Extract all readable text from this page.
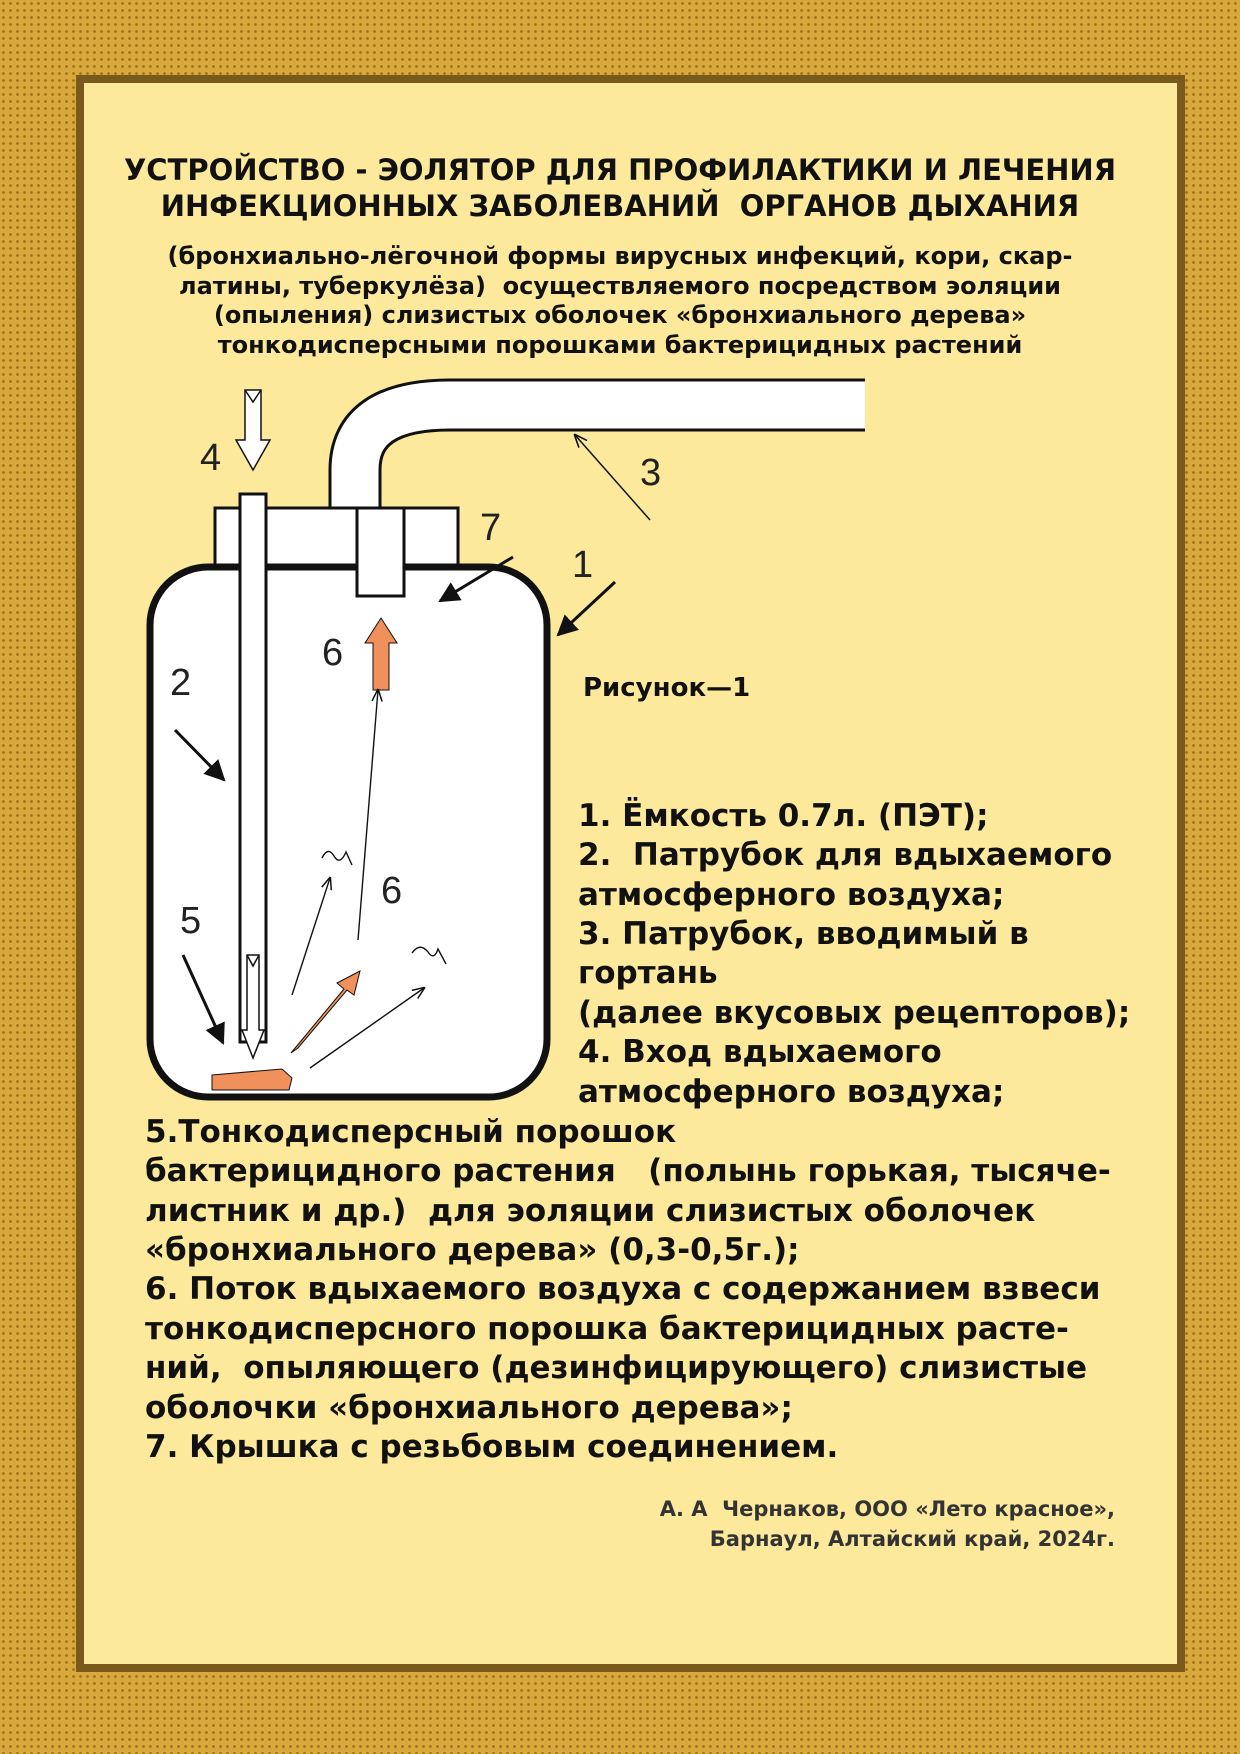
УСТРОЙСТВО - ЭОЛЯТОР ДЛЯ ПРОФИЛАКТИКИ И ЛЕЧЕНИЯ
ИНФЕКЦИОННЫХ ЗАБОЛЕВАНИЙ  ОРГАНОВ ДЫХАНИЯ
(бронхиально-лёгочной формы вирусных инфекций, кори, скар-
латины, туберкулёза)  осуществляемого посредством эоляции
(опыления) слизистых оболочек «бронхиального дерева»
тонкодисперсными порошками бактерицидных растений
4	3
7
1
6
2
6
5
Рисунок—1
1. Ёмкость 0.7л. (ПЭТ);
2.  Патрубок для вдыхаемого
атмосферного воздуха;
3. Патрубок, вводимый в
гортань
(далее вкусовых рецепторов);
4. Вход вдыхаемого
атмосферного воздуха;
5.Тонкодисперсный порошок
бактерицидного растения   (полынь горькая, тысяче-
листник и др.)  для эоляции слизистых оболочек
«бронхиального дерева» (0,3-0,5г.);
6. Поток вдыхаемого воздуха с содержанием взвеси
тонкодисперсного порошка бактерицидных расте-
ний,  опыляющего (дезинфицирующего) слизистые
оболочки «бронхиального дерева»;
7. Крышка с резьбовым соединением.
А. А  Чернаков, ООО «Лето красное»,
Барнаул, Алтайский край, 2024г.
